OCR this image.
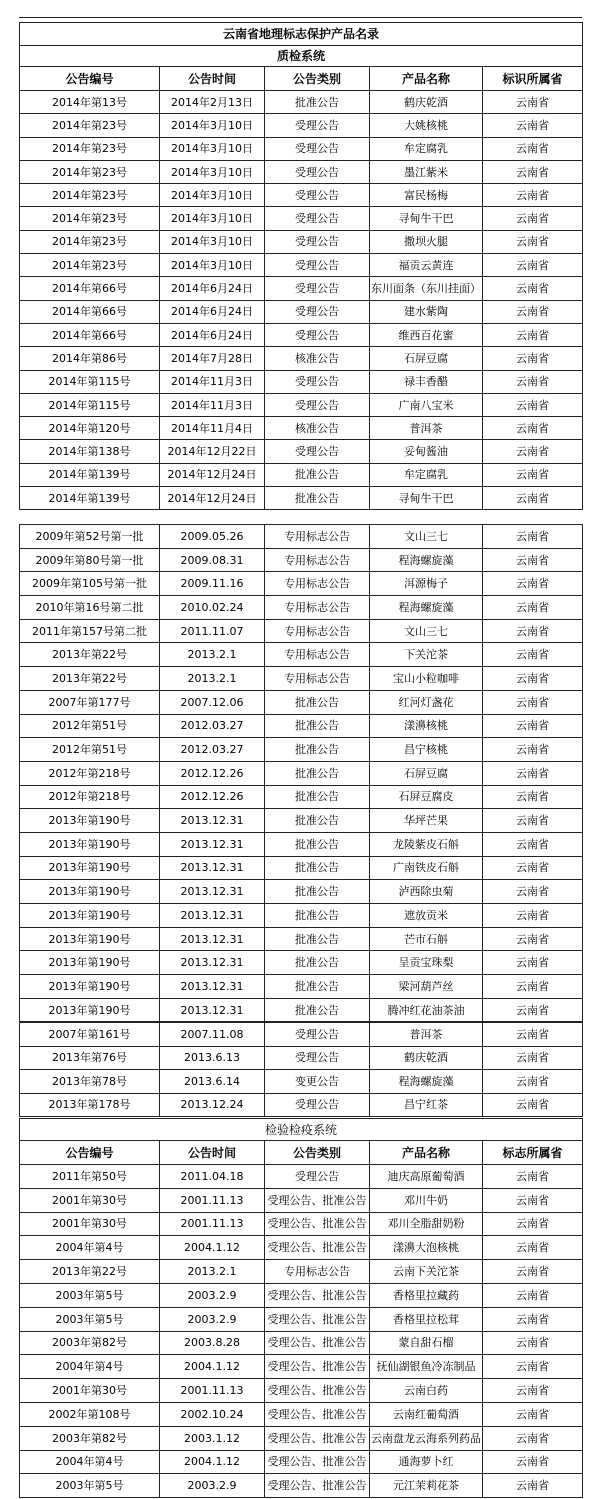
云南省地理标志保护产品名录				
质检系统				
公告编号	公告时间	公告类别	产品名称	标识所属省
2014年第13号	2014年2月13日	批准公告	鹤庆乾酒	云南省
2014年第23号	2014年3月10日	受理公告	大姚核桃	云南省
2014年第23号	2014年3月10日	受理公告	牟定腐乳	云南省
2014年第23号	2014年3月10日	受理公告	墨江紫米	云南省
2014年第23号	2014年3月10日	受理公告	富民杨梅	云南省
2014年第23号	2014年3月10日	受理公告	寻甸牛干巴	云南省
2014年第23号	2014年3月10日	受理公告	撒坝火腿	云南省
2014年第23号	2014年3月10日	受理公告	福贡云黄连	云南省
2014年第66号	2014年6月24日	受理公告	东川面条（东川挂面）	云南省
2014年第66号	2014年6月24日	受理公告	建水紫陶	云南省
2014年第66号	2014年6月24日	受理公告	维西百花蜜	云南省
2014年第86号	2014年7月28日	核准公告	石屏豆腐	云南省
2014年第115号	2014年11月3日	受理公告	禄丰香醋	云南省
2014年第115号	2014年11月3日	受理公告	广南八宝米	云南省
2014年第120号	2014年11月4日	核准公告	普洱茶	云南省
2014年第138号	2014年12月22日	受理公告	妥甸酱油	云南省
2014年第139号	2014年12月24日	批准公告	牟定腐乳	云南省
2014年第139号	2014年12月24日	批准公告	寻甸牛干巴	云南省
2009年第52号第一批	2009.05.26	专用标志公告	文山三七	云南省
2009年第80号第一批	2009.08.31	专用标志公告	程海螺旋藻	云南省
2009年第105号第一批	2009.11.16	专用标志公告	洱源梅子	云南省
2010年第16号第二批	2010.02.24	专用标志公告	程海螺旋藻	云南省
2011年第157号第二批	2011.11.07	专用标志公告	文山三七	云南省
2013年第22号	2013.2.1	专用标志公告	下关沱茶	云南省
2013年第22号	2013.2.1	专用标志公告	宝山小粒咖啡	云南省
2007年第177号	2007.12.06	批准公告	红河灯盏花	云南省
2012年第51号	2012.03.27	批准公告	漾濞核桃	云南省
2012年第51号	2012.03.27	批准公告	昌宁核桃	云南省
2012年第218号	2012.12.26	批准公告	石屏豆腐	云南省
2012年第218号	2012.12.26	批准公告	石屏豆腐皮	云南省
2013年第190号	2013.12.31	批准公告	华坪芒果	云南省
2013年第190号	2013.12.31	批准公告	龙陵紫皮石斛	云南省
2013年第190号	2013.12.31	批准公告	广南铁皮石斛	云南省
2013年第190号	2013.12.31	批准公告	泸西除虫菊	云南省
2013年第190号	2013.12.31	批准公告	遮放贡米	云南省
2013年第190号	2013.12.31	批准公告	芒市石斛	云南省
2013年第190号	2013.12.31	批准公告	呈贡宝珠梨	云南省
2013年第190号	2013.12.31	批准公告	梁河葫芦丝	云南省
2013年第190号	2013.12.31	批准公告	腾冲红花油茶油	云南省
2007年第161号	2007.11.08	受理公告	普洱茶	云南省
2013年第76号	2013.6.13	受理公告	鹤庆乾酒	云南省
2013年第78号	2013.6.14	变更公告	程海螺旋藻	云南省
2013年第178号	2013.12.24	受理公告	昌宁红茶	云南省
检验检疫系统				
公告编号	公告时间	公告类别	产品名称	标志所属省
2011年第50号	2011.04.18	受理公告	迪庆高原葡萄酒	云南省
2001年第30号	2001.11.13	受理公告、批准公告	邓川牛奶	云南省
2001年第30号	2001.11.13	受理公告、批准公告	邓川全脂甜奶粉	云南省
2004年第4号	2004.1.12	受理公告、批准公告	漾濞大泡核桃	云南省
2013年第22号	2013.2.1	专用标志公告	云南下关沱茶	云南省
2003年第5号	2003.2.9	受理公告、批准公告	香格里拉藏药	云南省
2003年第5号	2003.2.9	受理公告、批准公告	香格里拉松茸	云南省
2003年第82号	2003.8.28	受理公告、批准公告	蒙自甜石榴	云南省
2004年第4号	2004.1.12	受理公告、批准公告	抚仙湖银鱼冷冻制品	云南省
2001年第30号	2001.11.13	受理公告、批准公告	云南白药	云南省
2002年第108号	2002.10.24	受理公告、批准公告	云南红葡萄酒	云南省
2003年第82号	2003.1.12	受理公告、批准公告	云南盘龙云海系列药品	云南省
2004年第4号	2004.1.12	受理公告、批准公告	通海萝卜红	云南省
2003年第5号	2003.2.9	受理公告、批准公告	元江茉莉花茶	云南省
